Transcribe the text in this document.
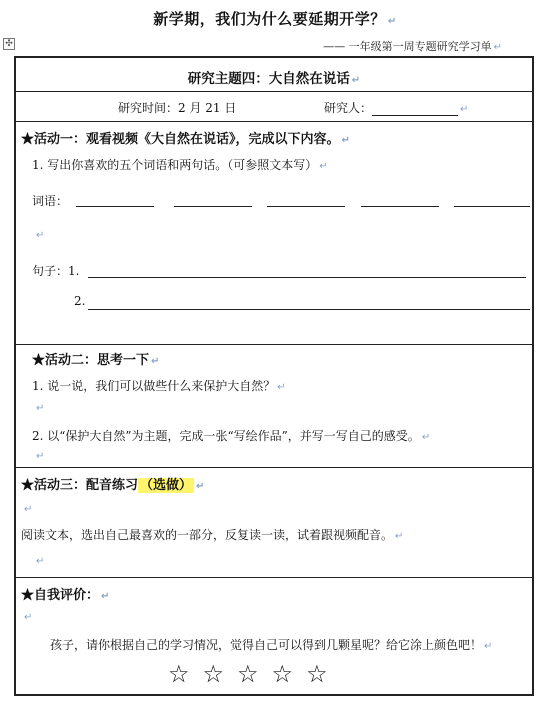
新学期，我们为什么要延期开学？ ↵
✣	—— 一年级第一周专题研究学习单 ↵
研究主题四：大自然在说话 ↵
研究时间：2 月 21 日	研究人：	↵
★活动一：观看视频《大自然在说话》，完成以下内容。 ↵
1. 写出你喜欢的五个词语和两句话。（可参照文本写） ↵
词语：
↵
句子：1.
2.
★活动二：思考一下 ↵
1. 说一说，我们可以做些什么来保护大自然？ ↵
↵
2. 以“保护大自然”为主题，完成一张“写绘作品”，并写一写自己的感受。 ↵
↵
★活动三：配音练习 （选做） ↵
↵
阅读文本，选出自己最喜欢的一部分，反复读一读，试着跟视频配音。 ↵
↵
★自我评价： ↵
↵
孩子，请你根据自己的学习情况，觉得自己可以得到几颗星呢？给它涂上颜色吧！ ↵
☆☆☆☆☆
